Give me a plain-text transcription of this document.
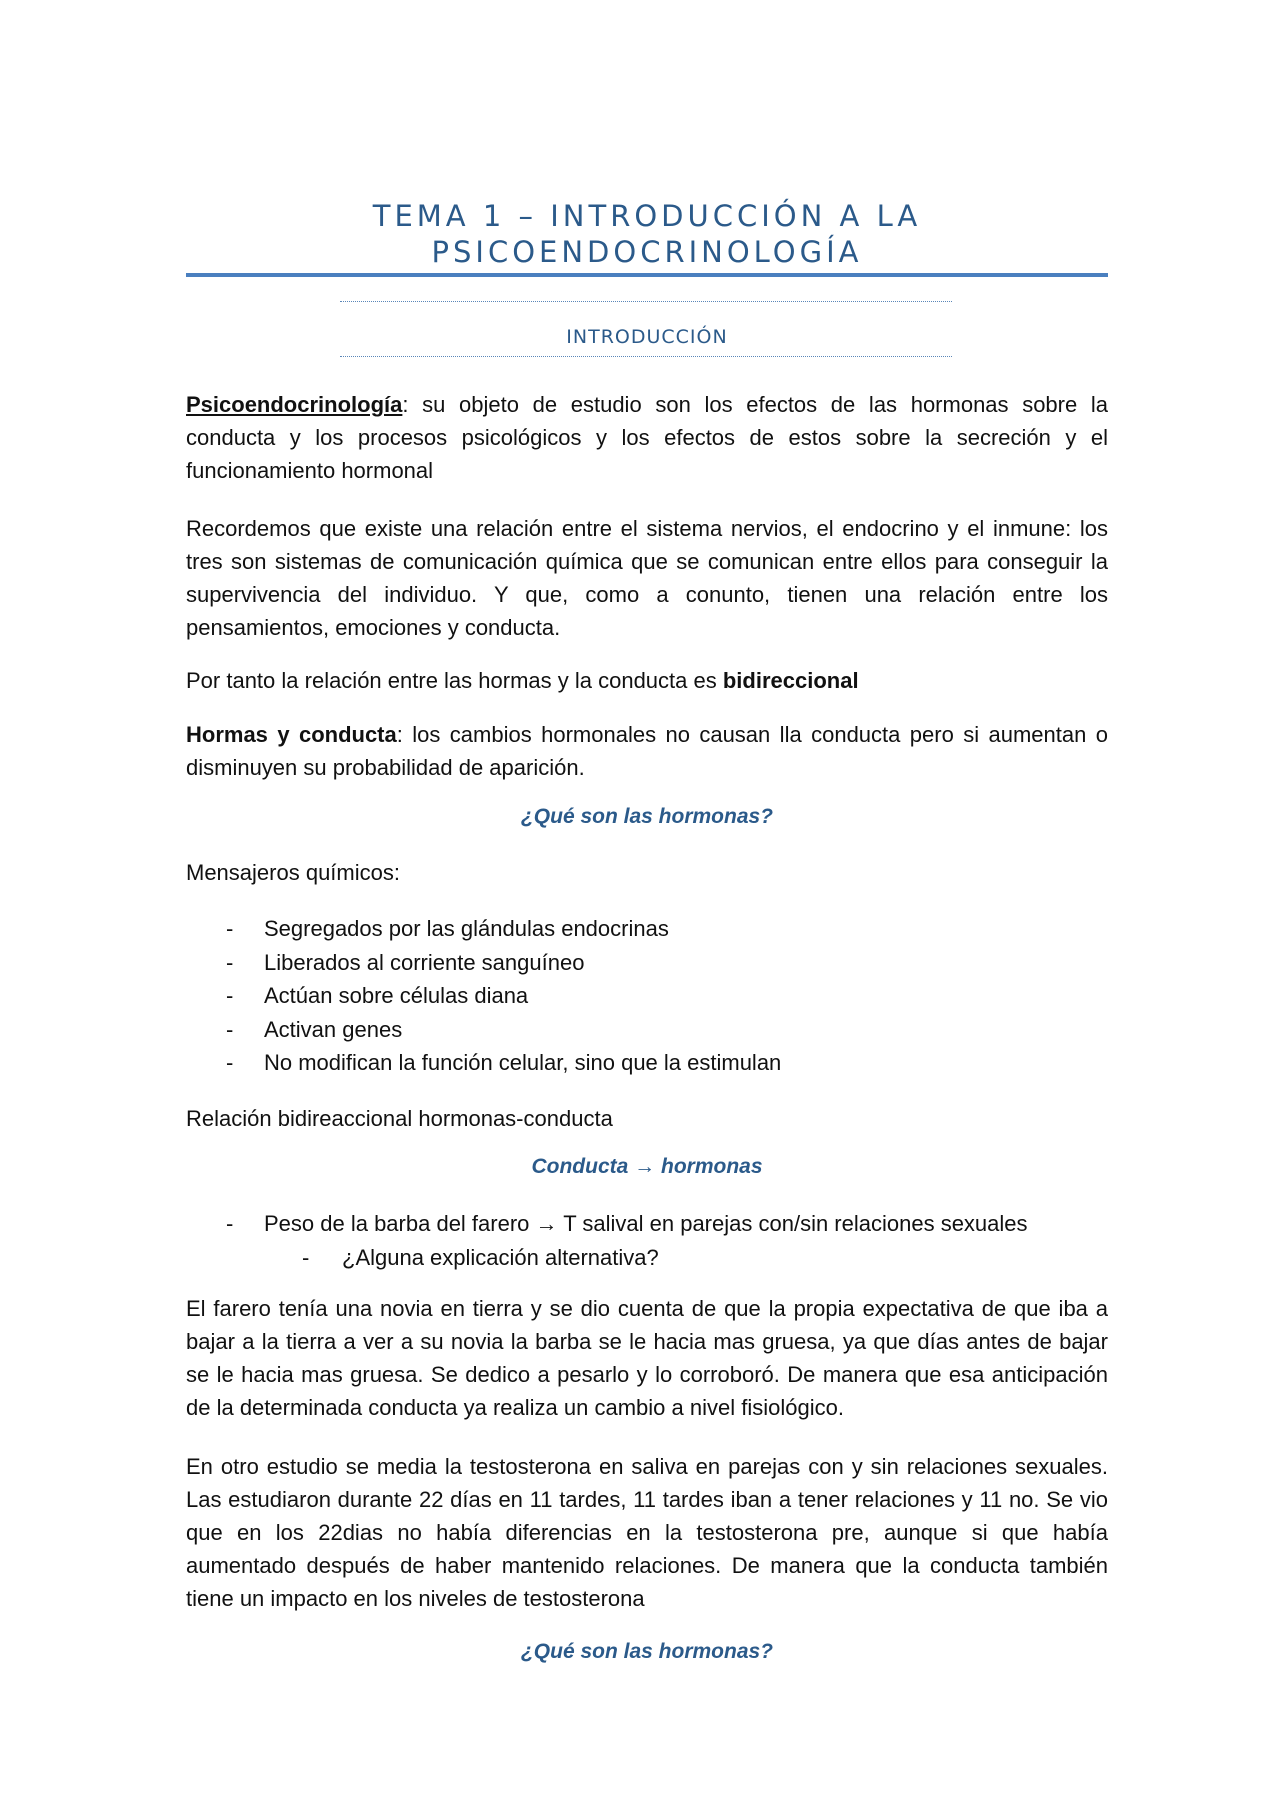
TEMA 1 – INTRODUCCIÓN A LA
PSICOENDOCRINOLOGÍA
INTRODUCCIÓN
Psicoendocrinología: su objeto de estudio son los efectos de las hormonas sobre la conducta y los procesos psicológicos y los efectos de estos sobre la secreción y el funcionamiento hormonal
Recordemos que existe una relación entre el sistema nervios, el endocrino y el inmune: los tres son sistemas de comunicación química que se comunican entre ellos para conseguir la supervivencia del individuo. Y que, como a conunto, tienen una relación entre los pensamientos, emociones y conducta.
Por tanto la relación entre las hormas y la conducta es bidireccional
Hormas y conducta: los cambios hormonales no causan lla conducta pero si aumentan o disminuyen su probabilidad de aparición.
¿Qué son las hormonas?
Mensajeros químicos:
- Segregados por las glándulas endocrinas
- Liberados al corriente sanguíneo
- Actúan sobre células diana
- Activan genes
- No modifican la función celular, sino que la estimulan
Relación bidireaccional hormonas-conducta
Conducta → hormonas
- Peso de la barba del farero → T salival en parejas con/sin relaciones sexuales
- ¿Alguna explicación alternativa?
El farero tenía una novia en tierra y se dio cuenta de que la propia expectativa de que iba a bajar a la tierra a ver a su novia la barba se le hacia mas gruesa, ya que días antes de bajar se le hacia mas gruesa. Se dedico a pesarlo y lo corroboró. De manera que esa anticipación de la determinada conducta ya realiza un cambio a nivel fisiológico.
En otro estudio se media la testosterona en saliva en parejas con y sin relaciones sexuales. Las estudiaron durante 22 días en 11 tardes, 11 tardes iban a tener relaciones y 11 no. Se vio que en los 22dias no había diferencias en la testosterona pre, aunque si que había aumentado después de haber mantenido relaciones. De manera que la conducta también tiene un impacto en los niveles de testosterona
¿Qué son las hormonas?
